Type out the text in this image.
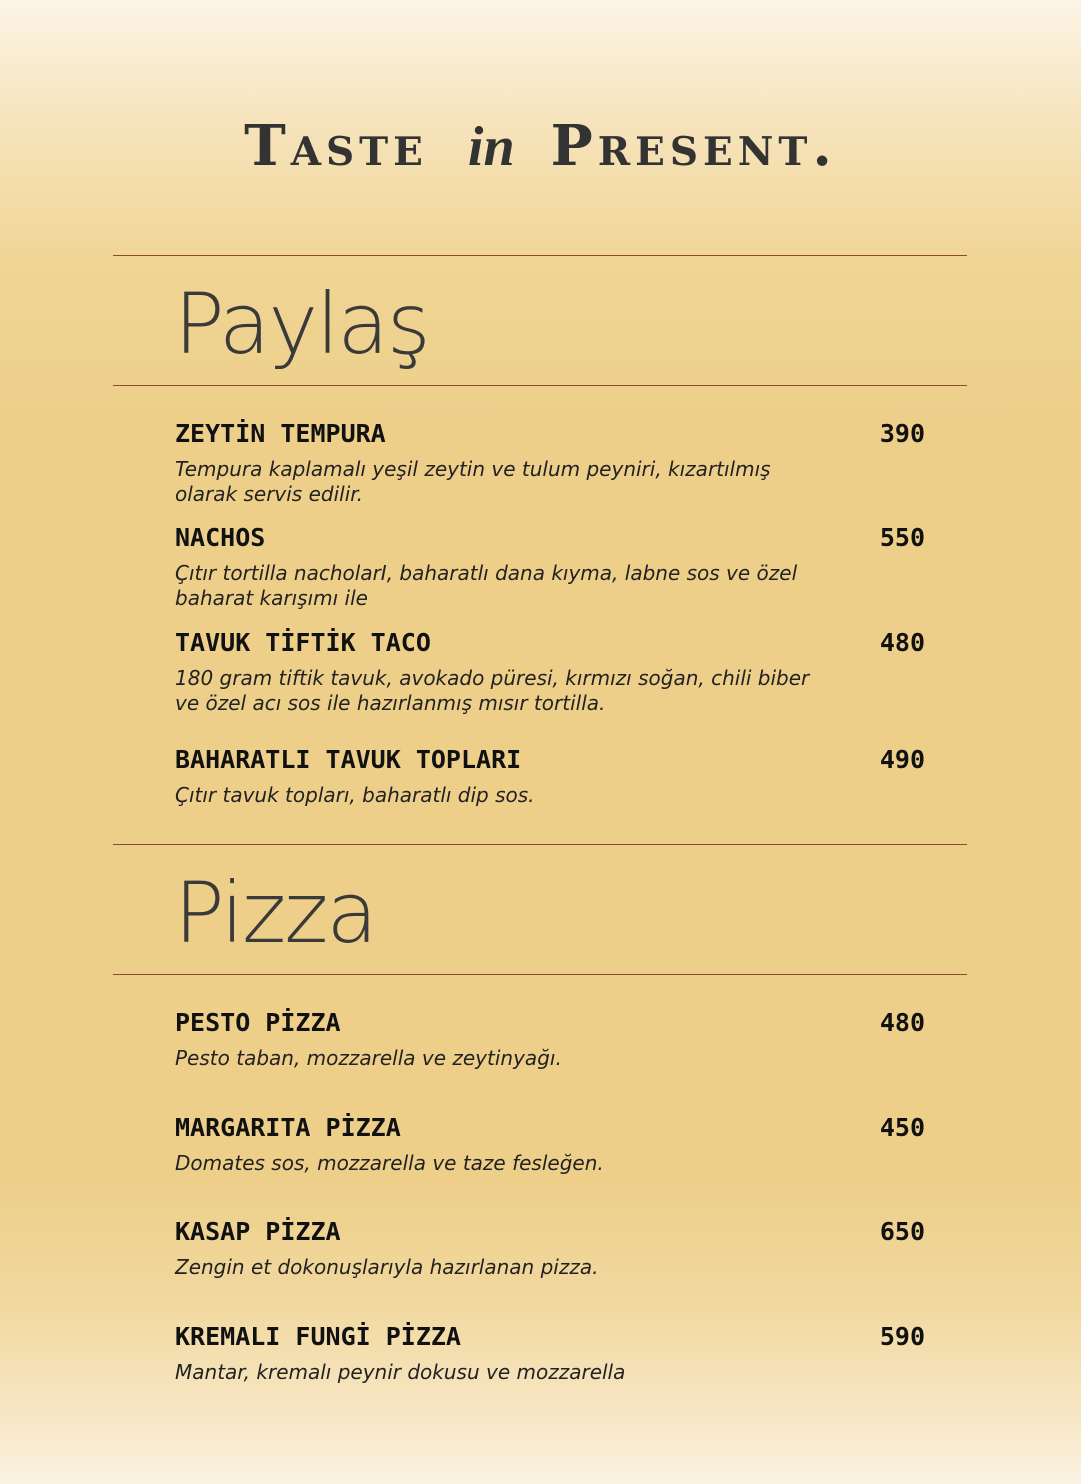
Taste in Present.
Paylaş
ZEYTİN TEMPURA	390
Tempura kaplamalı yeşil zeytin ve tulum peyniri, kızartılmış olarak servis edilir.
NACHOS	550
Çıtır tortilla nacholarI, baharatlı dana kıyma, labne sos ve özel baharat karışımı ile
TAVUK TİFTİK TACO	480
180 gram tiftik tavuk, avokado püresi, kırmızı soğan, chili biber ve özel acı sos ile hazırlanmış mısır tortilla.
BAHARATLI TAVUK TOPLARI	490
Çıtır tavuk topları, baharatlı dip sos.
Pizza
PESTO PİZZA	480
Pesto taban, mozzarella ve zeytinyağı.
MARGARITA PİZZA	450
Domates sos, mozzarella ve taze fesleğen.
KASAP PİZZA	650
Zengin et dokonuşlarıyla hazırlanan pizza.
KREMALI FUNGİ PİZZA	590
Mantar, kremalı peynir dokusu ve mozzarella
